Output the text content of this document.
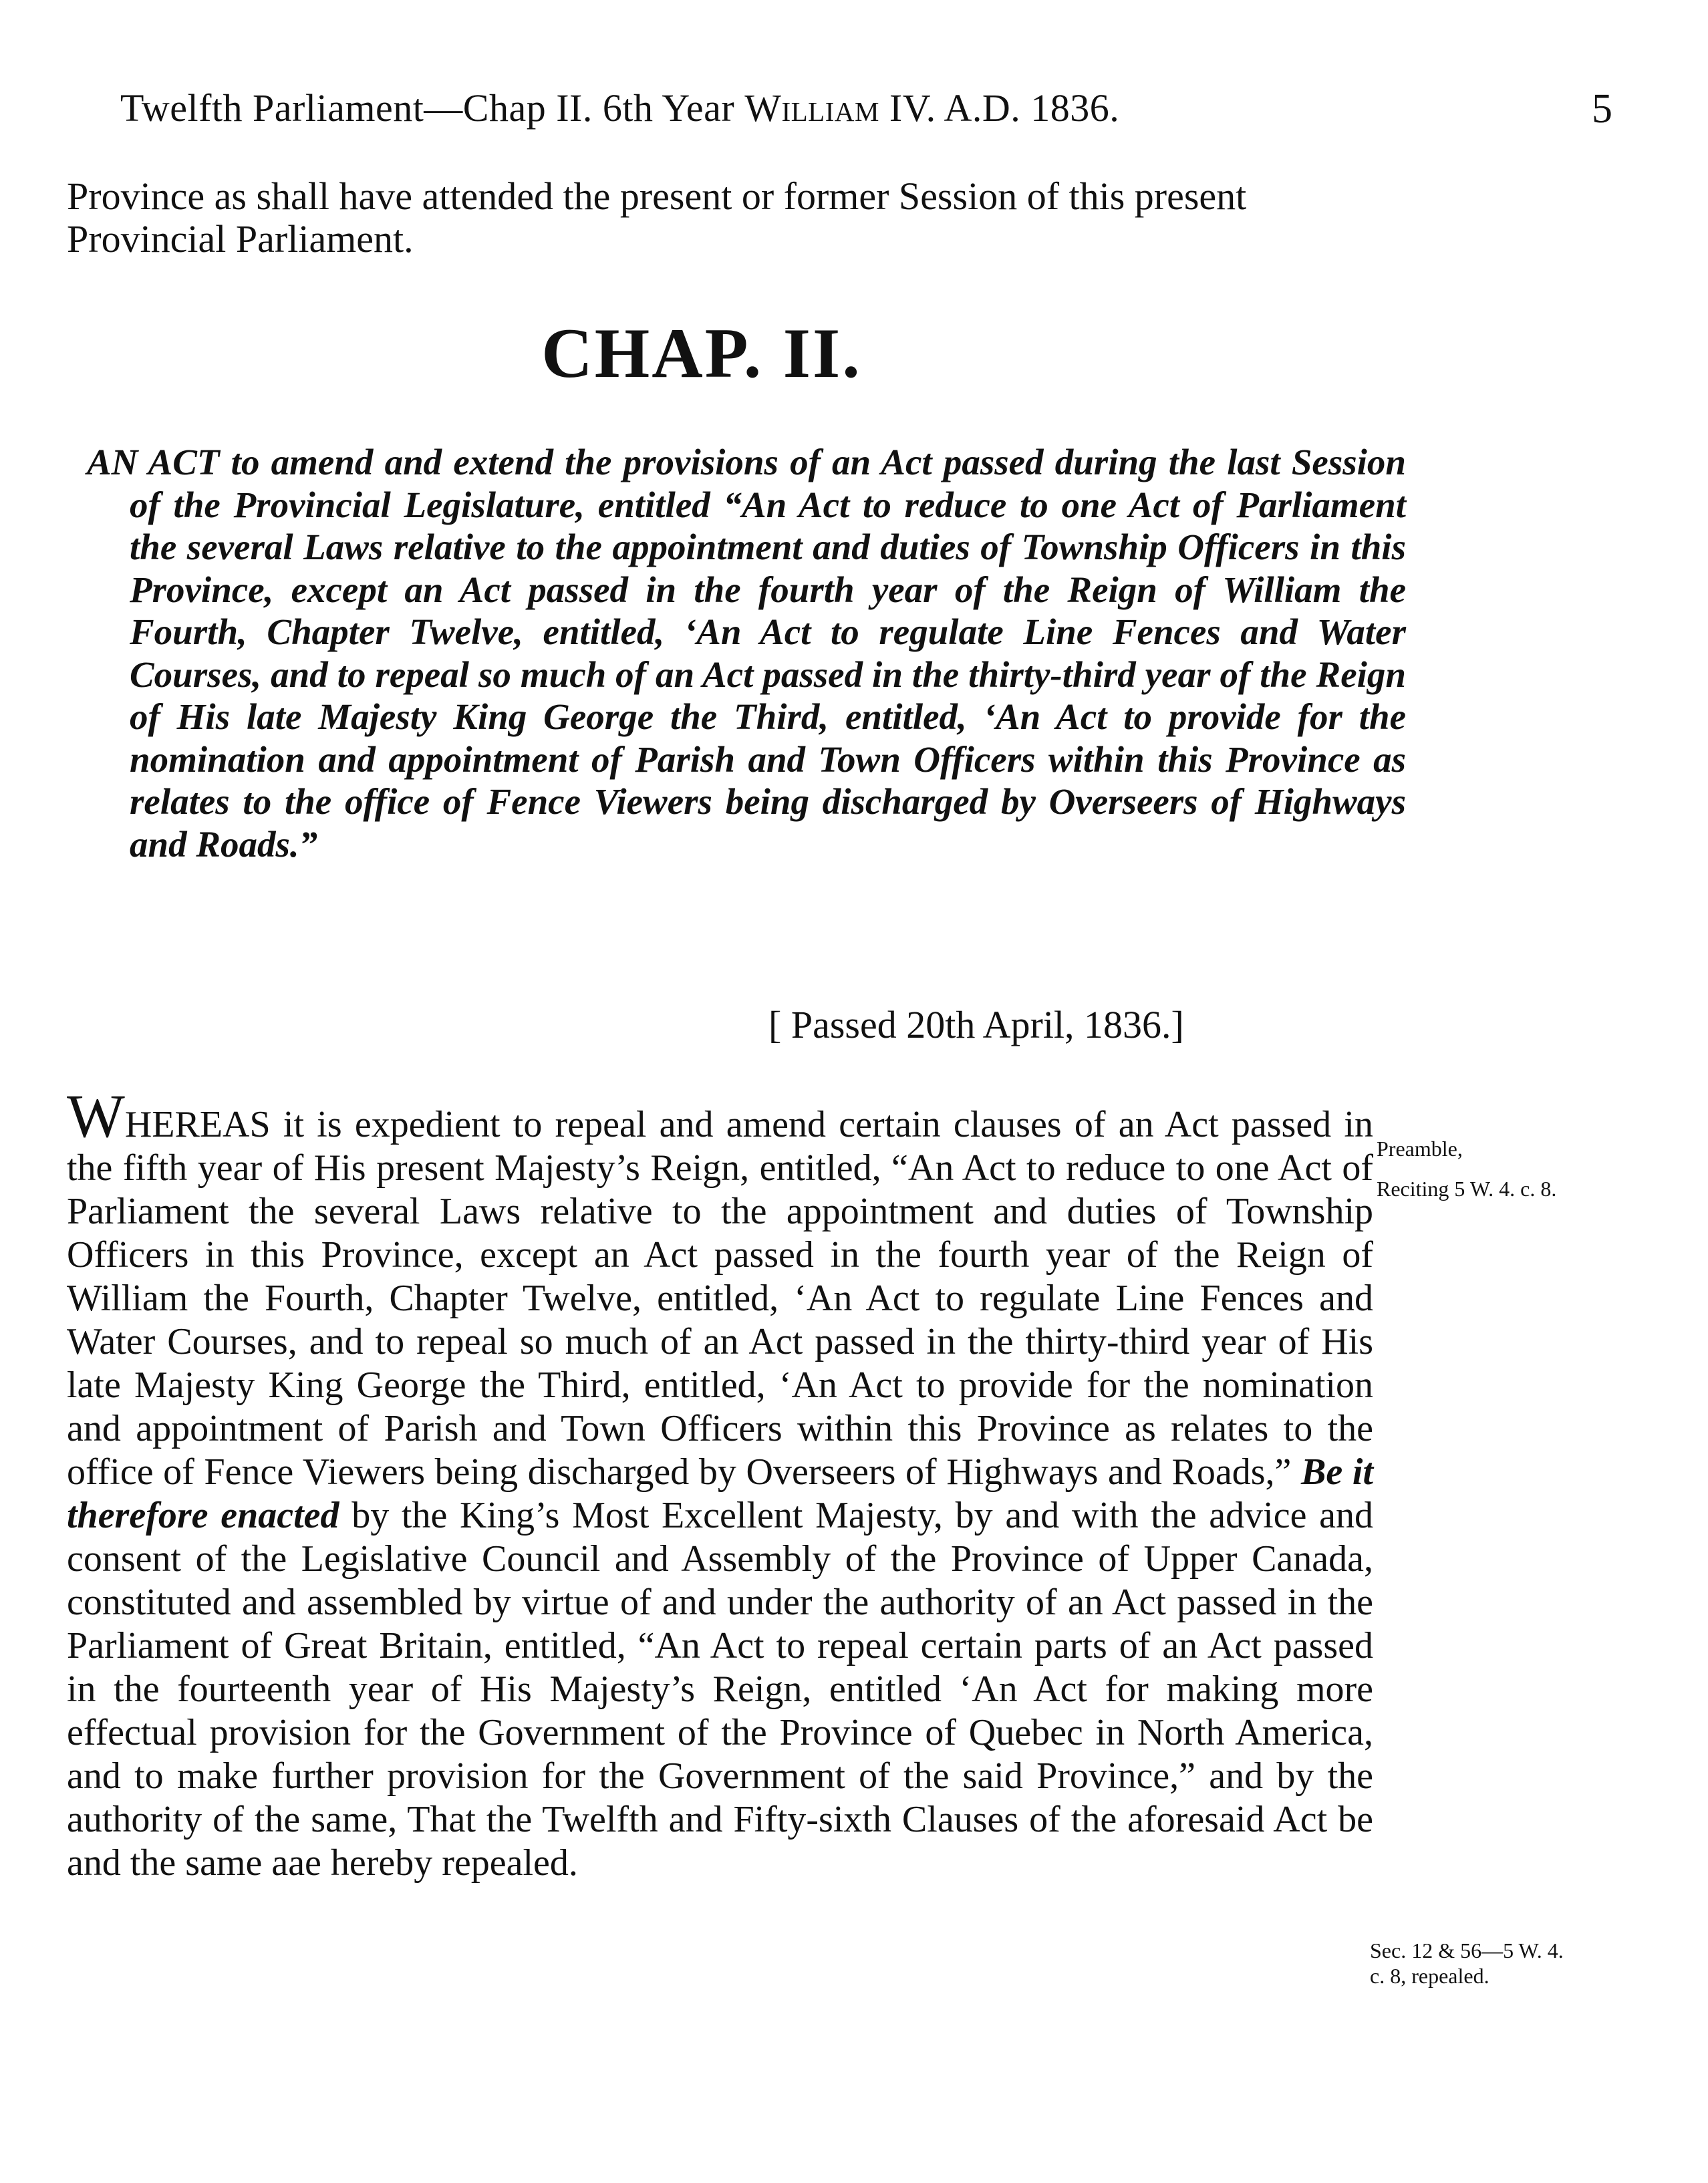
Twelfth Parliament—Chap II. 6th Year William IV. A.D. 1836.	5
Province as shall have attended the present or former Session of this present Provincial Parliament.
CHAP. II.
AN ACT to amend and extend the provisions of an Act passed during the last Session of the Provincial Legislature, entitled “An Act to reduce to one Act of Parliament the several Laws relative to the appointment and duties of Township Officers in this Province, except an Act passed in the fourth year of the Reign of William the Fourth, Chapter Twelve, entitled, ‘An Act to regulate Line Fences and Water Courses, and to repeal so much of an Act passed in the thirty-third year of the Reign of His late Majesty King George the Third, entitled, ‘An Act to provide for the nomination and appointment of Parish and Town Officers within this Province as relates to the office of Fence Viewers being discharged by Overseers of Highways and Roads.”
[ Passed 20th April, 1836.]
WHEREAS it is expedient to repeal and amend certain clauses of an Act passed in the fifth year of His present Majesty’s Reign, entitled, “An Act to reduce to one Act of Parliament the several Laws relative to the appointment and duties of Township Officers in this Province, except an Act passed in the fourth year of the Reign of William the Fourth, Chapter Twelve, entitled, ‘An Act to regulate Line Fences and Water Courses, and to repeal so much of an Act passed in the thirty-third year of His late Majesty King George the Third, entitled, ‘An Act to provide for the nomination and appointment of Parish and Town Officers within this Province as relates to the office of Fence Viewers being discharged by Overseers of Highways and Roads,” Be it therefore enacted by the King’s Most Excellent Majesty, by and with the advice and consent of the Legislative Council and Assembly of the Province of Upper Canada, constituted and assembled by virtue of and under the authority of an Act passed in the Parliament of Great Britain, entitled, “An Act to repeal certain parts of an Act passed in the fourteenth year of His Majesty’s Reign, entitled ‘An Act for making more effectual provision for the Government of the Province of Quebec in North America, and to make further provision for the Government of the said Province,” and by the authority of the same, That the Twelfth and Fifty-sixth Clauses of the aforesaid Act be and the same aae hereby repealed.
Preamble,
Reciting 5 W. 4. c. 8.
Sec. 12 & 56—5 W. 4.
c. 8, repealed.
